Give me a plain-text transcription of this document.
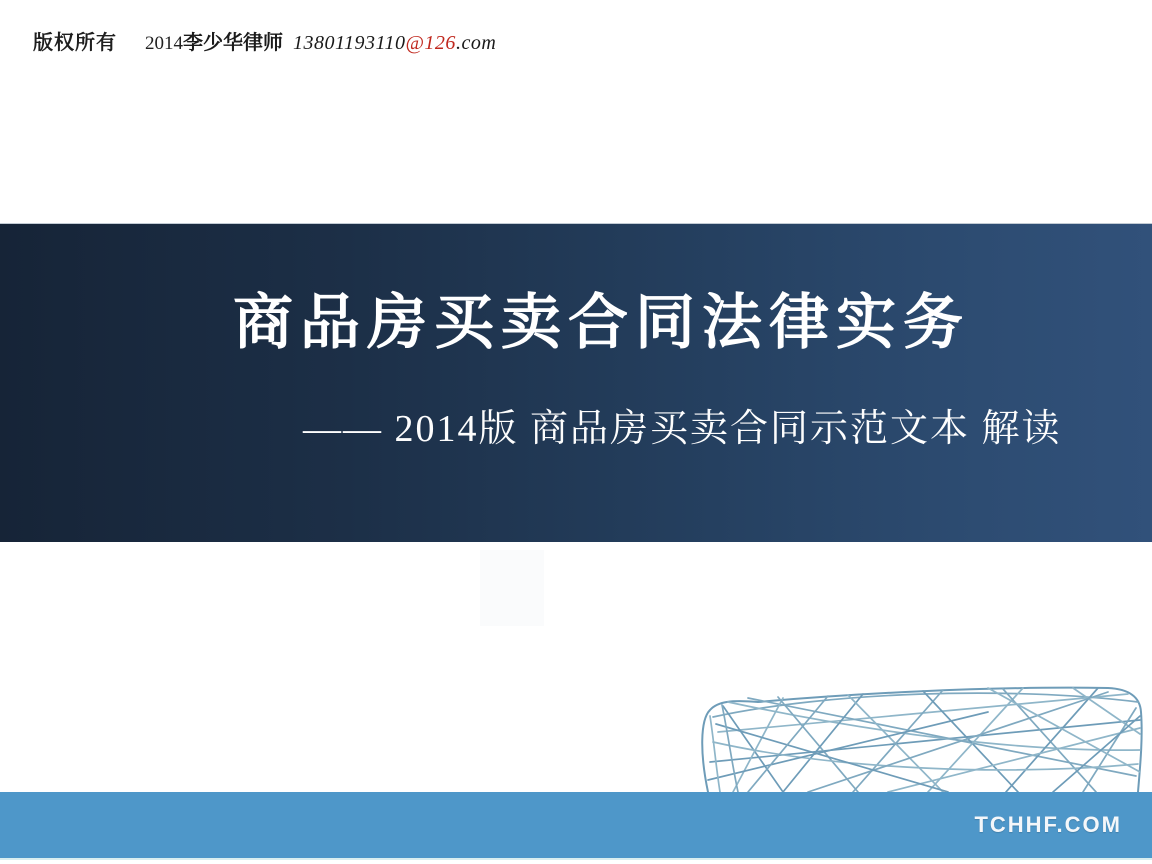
版权所有 2014李少华律师 13801193110@126.com
商品房买卖合同法律实务
—— 2014版 商品房买卖合同示范文本 解读
TCHHF.COM
